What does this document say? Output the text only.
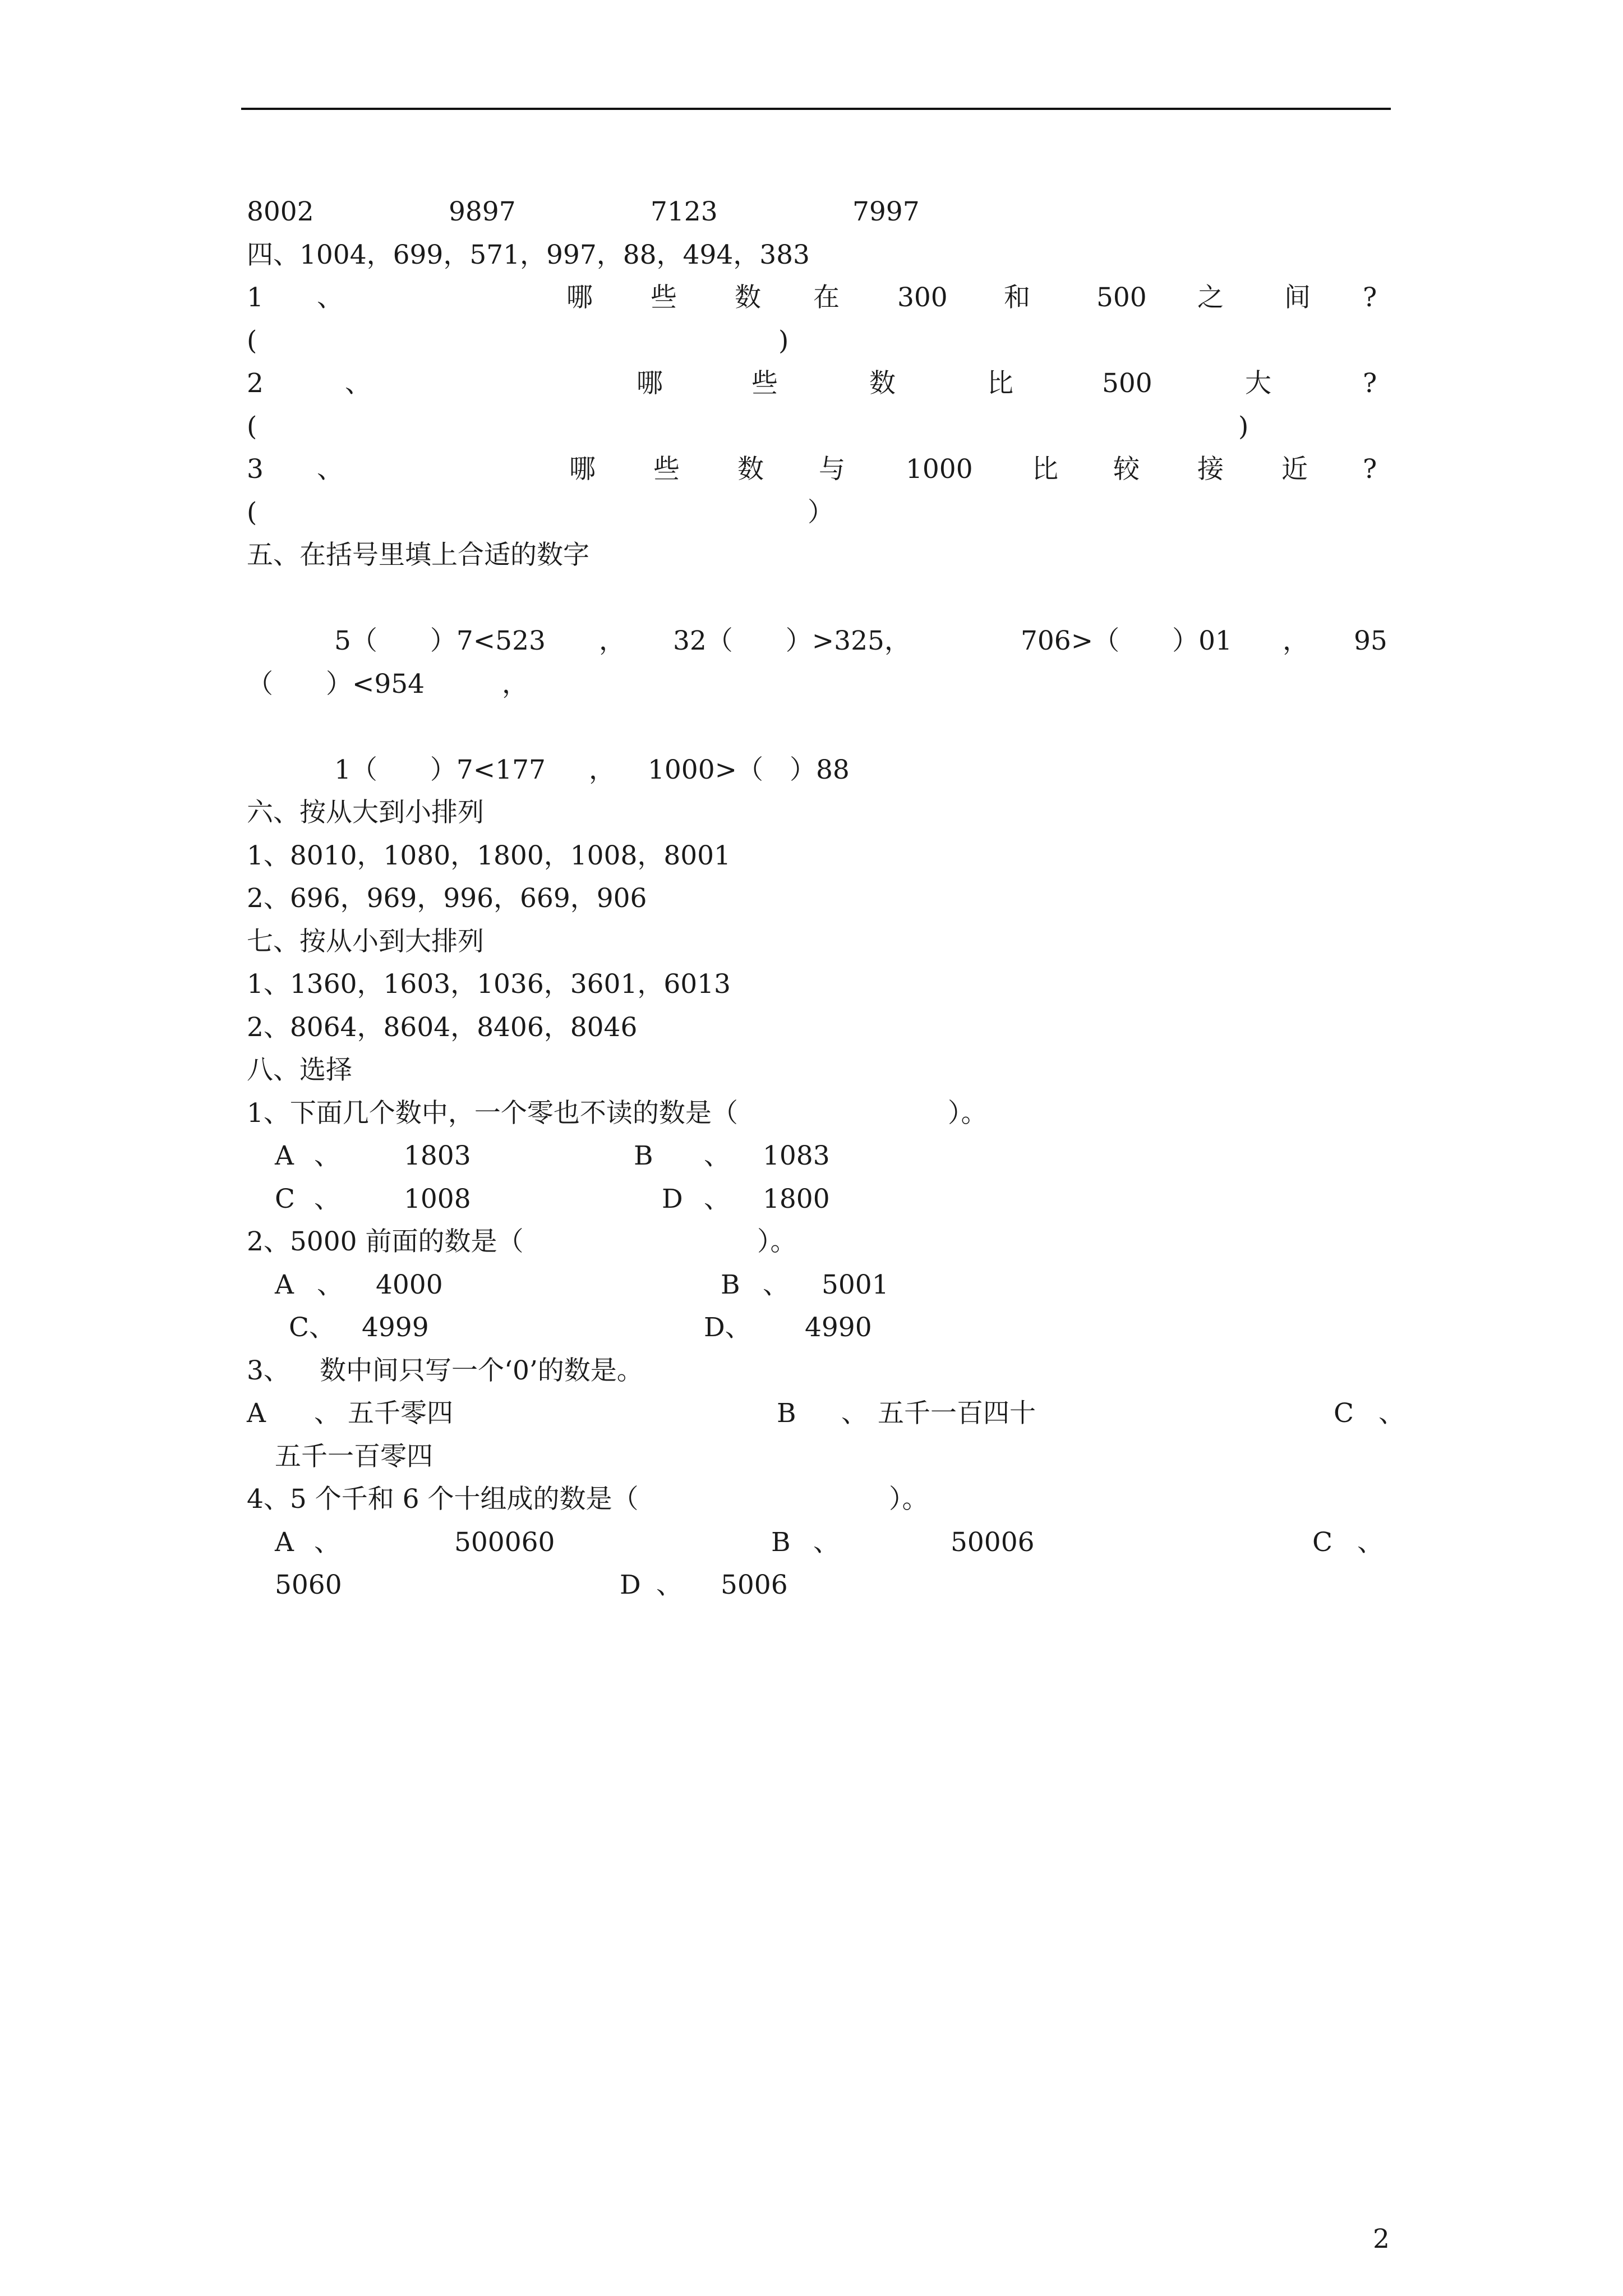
8002	9897	7123	7997
四、1004，699，571，997，88，494，383
1 、	哪 些 数 在 300 和	500 之 间 ?
(	)
2	、	哪	些	数	比	500	大	?
(	)
3 、	哪 些 数 与 1000 比 较 接 近 ?
(	）
五、在括号里填上合适的数字
5（　　）7<523 ， 32（　　）>325，	706>（　　）01 ， 95
（　　）<954	，
1（　　）7<177 ， 1000>（　）88
六、按从大到小排列
1、8010，1080，1800，1008，8001
2、696，969，996，669，906
七、按从小到大排列
1、1360，1603，1036，3601，6013
2、8064，8604，8406，8046
八、选择
1、下面几个数中，一个零也不读的数是（	）。
A 、 1803	B 、 1083
C 、 1008	D 、 1800
2、5000 前面的数是（	）。
A 、 4000	B 、 5001
C、 4999	D、 4990
3、 数中间只写一个‘0’的数是。
A 、 五千零四	B 、 五千一百四十	C 、
五千一百零四
4、5 个千和 6 个十组成的数是（	）。
A 、	500060	B 、	50006	C 、
5060	D 、 5006
2
